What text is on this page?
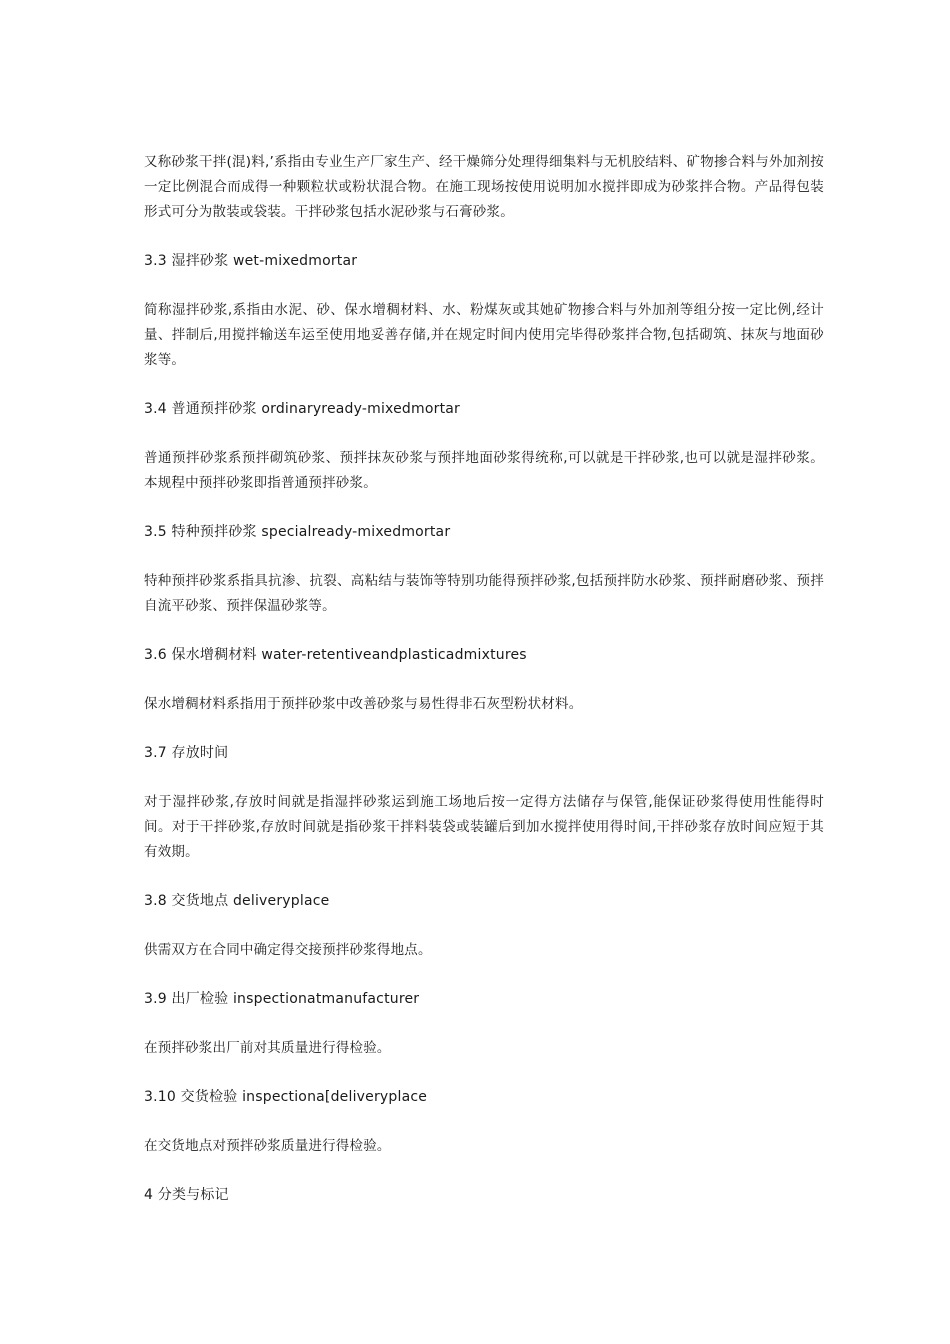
又称砂浆干拌(混)料,’系指由专业生产厂家生产、经干燥筛分处理得细集料与无机胶结料、矿物掺合料与外加剂按一定比例混合而成得一种颗粒状或粉状混合物。在施工现场按使用说明加水搅拌即成为砂浆拌合物。产品得包装形式可分为散装或袋装。干拌砂浆包括水泥砂浆与石膏砂浆。

3.3 湿拌砂浆 wet-mixedmortar

简称湿拌砂浆,系指由水泥、砂、保水增稠材料、水、粉煤灰或其她矿物掺合料与外加剂等组分按一定比例,经计量、拌制后,用搅拌输送车运至使用地妥善存储,并在规定时间内使用完毕得砂浆拌合物,包括砌筑、抹灰与地面砂浆等。

3.4 普通预拌砂浆 ordinaryready-mixedmortar

普通预拌砂浆系预拌砌筑砂浆、预拌抹灰砂浆与预拌地面砂浆得统称,可以就是干拌砂浆,也可以就是湿拌砂浆。本规程中预拌砂浆即指普通预拌砂浆。

3.5 特种预拌砂浆 specialready-mixedmortar

特种预拌砂浆系指具抗渗、抗裂、高粘结与装饰等特别功能得预拌砂浆,包括预拌防水砂浆、预拌耐磨砂浆、预拌自流平砂浆、预拌保温砂浆等。

3.6 保水增稠材料 water-retentiveandplasticadmixtures

保水增稠材料系指用于预拌砂浆中改善砂浆与易性得非石灰型粉状材料。

3.7 存放时间

对于湿拌砂浆,存放时间就是指湿拌砂浆运到施工场地后按一定得方法储存与保管,能保证砂浆得使用性能得时间。对于干拌砂浆,存放时间就是指砂浆干拌料装袋或装罐后到加水搅拌使用得时间,干拌砂浆存放时间应短于其有效期。

3.8 交货地点 deliveryplace

供需双方在合同中确定得交接预拌砂浆得地点。

3.9 出厂检验 inspectionatmanufacturer

在预拌砂浆出厂前对其质量进行得检验。

3.10 交货检验 inspectiona[deliveryplace

在交货地点对预拌砂浆质量进行得检验。

4 分类与标记
